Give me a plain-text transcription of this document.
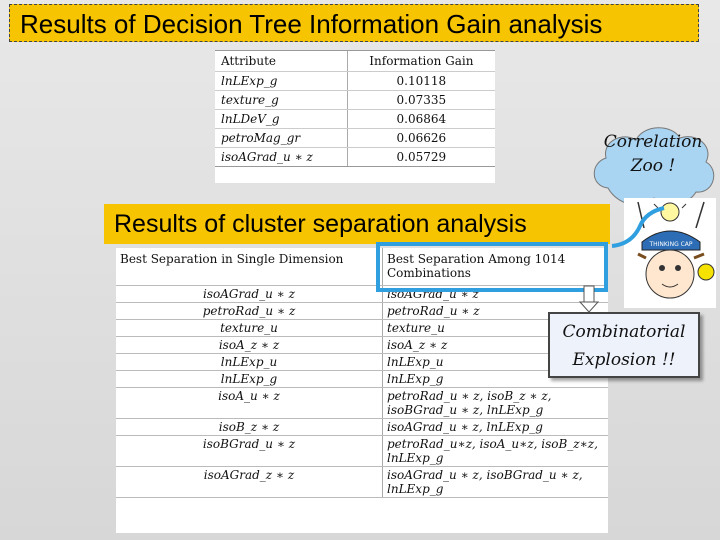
Results of Decision Tree Information Gain analysis
Attribute	Information Gain
lnLExp_g	0.10118
texture_g	0.07335
lnLDeV_g	0.06864
petroMag_gr	0.06626
isoAGrad_u ∗ z	0.05729
Results of cluster separation analysis
Best Separation in Single Dimension	Best Separation Among 1014 Combinations
isoAGrad_u ∗ z	isoAGrad_u ∗ z
petroRad_u ∗ z	petroRad_u ∗ z
texture_u	texture_u
isoA_z ∗ z	isoA_z ∗ z
lnLExp_u	lnLExp_u
lnLExp_g	lnLExp_g
isoA_u ∗ z	petroRad_u ∗ z, isoB_z ∗ z, isoBGrad_u ∗ z, lnLExp_g
isoB_z ∗ z	isoAGrad_u ∗ z, lnLExp_g
isoBGrad_u ∗ z	petroRad_u∗z, isoA_u∗z, isoB_z∗z, lnLExp_g
isoAGrad_z ∗ z	isoAGrad_u ∗ z, isoBGrad_u ∗ z, lnLExp_g
Correlation
Zoo !
THINKING CAP
Combinatorial
Explosion !!
